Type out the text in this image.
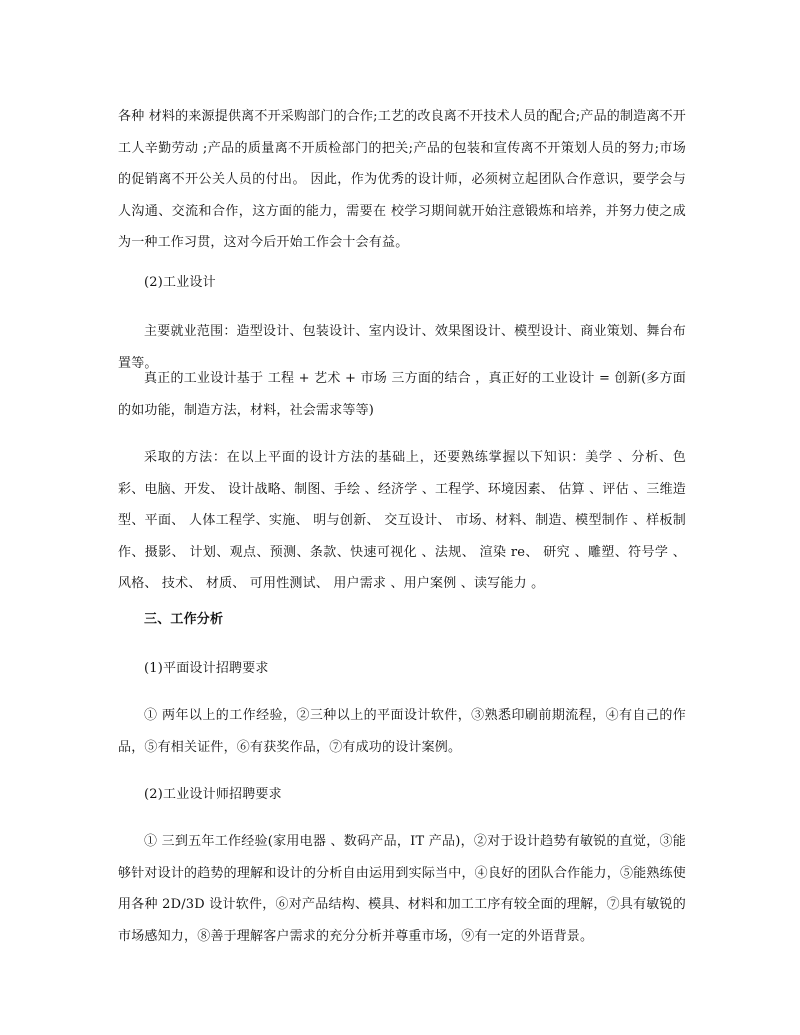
各种 材料的来源提供离不开采购部门的合作;工艺的改良离不开技术人员的配合;产品的制造离不开工人辛勤劳动 ;产品的质量离不开质检部门的把关;产品的包装和宣传离不开策划人员的努力;市场的促销离不开公关人员的付出。 因此，作为优秀的设计师，必须树立起团队合作意识，要学会与人沟通、交流和合作，这方面的能力，需要在 校学习期间就开始注意锻炼和培养，并努力使之成为一种工作习贯，这对今后开始工作会十会有益。

(2)工业设计

主要就业范围：造型设计、包装设计、室内设计、效果图设计、模型设计、商业策划、舞台布置等。

真正的工业设计基于 工程 + 艺术 + 市场 三方面的结合 ，真正好的工业设计 = 创新(多方面的如功能，制造方法，材料，社会需求等等)

采取的方法：在以上平面的设计方法的基础上，还要熟练掌握以下知识：美学 、分析、色彩、电脑、开发、 设计战略、制图、手绘 、经济学 、工程学、环境因素、 估算 、评估 、三维造型、平面、 人体工程学、实施、 明与创新、 交互设计、 市场、材料、制造、模型制作 、样板制作、摄影、 计划、观点、预测、条款、快速可视化 、法规、 渲染 re、 研究 、雕塑、符号学 、风格、 技术、 材质、 可用性测试、 用户需求 、用户案例 、读写能力 。

三、工作分析

(1)平面设计招聘要求

① 两年以上的工作经验，②三种以上的平面设计软件，③熟悉印刷前期流程，④有自己的作品，⑤有相关证件，⑥有获奖作品，⑦有成功的设计案例。

(2)工业设计师招聘要求

① 三到五年工作经验(家用电器 、数码产品，IT 产品)，②对于设计趋势有敏锐的直觉，③能够针对设计的趋势的理解和设计的分析自由运用到实际当中，④良好的团队合作能力，⑤能熟练使用各种 2D/3D 设计软件，⑥对产品结构、模具、材料和加工工序有较全面的理解，⑦具有敏锐的市场感知力，⑧善于理解客户需求的充分分析并尊重市场，⑨有一定的外语背景。
